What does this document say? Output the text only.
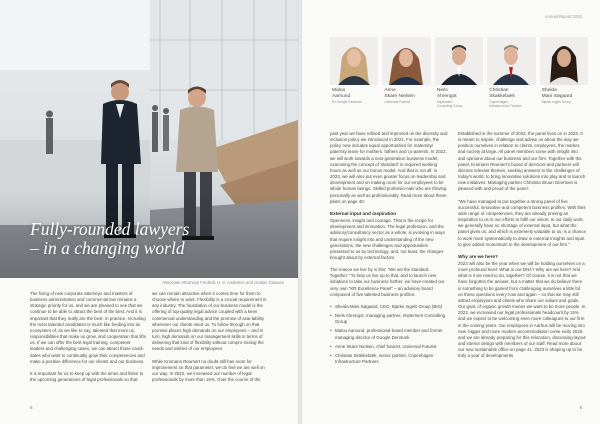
Fully-rounded lawyers
– in a changing world
Associate Attorneys Frederik H. S. Andersen and Gustav Clausen

The fixing of new corporate attorneys and masters of business administration and commercial law remains a strategic priority for us, and we are pleased to see that we continue to be able to attract the best of the best. And it is important that they really are the best. In practice, recruiting the most talented candidates is much like feeding into an ecosystem of, as we like to say, talented that more us, responsibilities that make us grow, and cooperation that lifts us. If we can offer the best legal training, competent leaders and challenging cases, we can attract those candi-dates who want to continually grow their competencies and make a positive difference for our clients and our business.

It is important for us to keep up with the times and listen to the upcoming generations of legal professionals so that

we can remain attractive when it comes time for them to choose where to work. Flexibility is a crucial requirement in any industry. The foundation of our business model is the offering of top-quality legal advice coupled with a keen commercial understanding and the promise of avai-lability whenever our clients need us. To follow through on that promise places high demands on our employees – and in turn, high demands on our management skills in terms of delivering that kind of flexibility without compro-mising the needs and wishes of our employees.

While Kromann Reumert no doubt still has room for improvement on that parameter, we do feel we are well on our way. In 2022, we increased our number of legal professionals by more than 15%. Over the course of the

8
Annual Report 2022
Malou
Aamund
Ex-Google Denmark
Anne
Skare Nielsen
Universal Futurist
Niels
Ahrengot
Implement
Consulting Group
Christian
Skakkebæk
Copenhagen
Infrastructure Partners
Sheida
Mani Søgaard
Bjørke Ingels Group

past year we have refined and improved on the diversity and inclusion policy we introduced in 2021. For example, the policy now includes equal opportunities for maternity/ paternity leave for mothers, fathers and co-parents. In 2022, we will work towards a next-generation business model, examining the concept of 'standard' in required working hours as well as our bonus model. And that is not all: in 2023, we will also put even greater focus on leadership and development and on making room for our employees to be whole human beings. Skilled professio-nals who are thriving personally as well as professionally. Read more about these plans on page 40.

External input and inspiration

Openness, insight and courage. That is the recipe for development and innovation. The legal profession, and the advisory/consultancy sector as a whole, is evolving in ways that require insight into and understanding of the new generations, the new challenges and opportunities presented to us by technology, and, not least, the changes brought about by external factors.

The reason we live by is this: "We set the standard. Together." To help us live up to that, and to launch new initiatives to take our business further, we have created our very own "KR Excellence Panel" – an advisory board composed of five talented business profiles:

• Sheida Mani Søgaard, CEO, Bjarke Ingels Group (BIG)
• Niels Ahrengot, managing partner, Implement Consulting Group
• Malou Aamund, professional board member and former managing director of Google Denmark
• Anne Skare Nielsen, chief futurist, Universal Futurist
• Christian Skakkebæk, senior partner, Copenhagen Infrastructure Partners

Established in the summer of 2022, the panel lives on in 2023. It is meant to inspire, challenge and advise us about the way we position ourselves in relation to clients, employees, the market, and society at large. All panel members come with insight into and opinions about our business and our firm. Together with the panel, Kromann Reumert's board of directors and partners will discuss relevant themes, seeking answers to the challenges of today's world, to bring innovative solutions into play and to launch new initiatives. Managing partner Christina Bruun Geertsen is pleased with and proud of the panel:

"We have managed to put together a strong panel of five successful, innovative and competent business profiles. With their wide range of competencies, they are already proving an inspiration to us in our efforts to fulfil our vision. In our daily work, we generally have no shortage of external input, but what the panel gives us, and which is extremely valuable to us, is a chance to work more systematically to draw in external insights and input to give added momentum to the development of our firm."

Why are we here?

2023 will also be the year when we will be holding ourselves on a more profound level: What is our DNA? Why are we here? And what is it we need to do, together? Of course, it is not that we have forgotten the answer, but a matter that we do believe there is something to be gained from challenging ourselves a little bit on these questions every now and again – so that we may still attract employees and clients who share our values and goals. Our goal, of organic growth means we want to be more people. In 2022, we increased our legal professionals headcount by 15% and we expect to be welcoming even more colleagues to our firm in the coming years. Our employees in Aarhus will be moving into new, bigger and more modern accommodation come early 2025, and we are already preparing for this relocation, discussing layout and interior design with members of our staff. Read more about our new sustainable office on page 41. 2023 is shaping up to be truly a year of developments

9
